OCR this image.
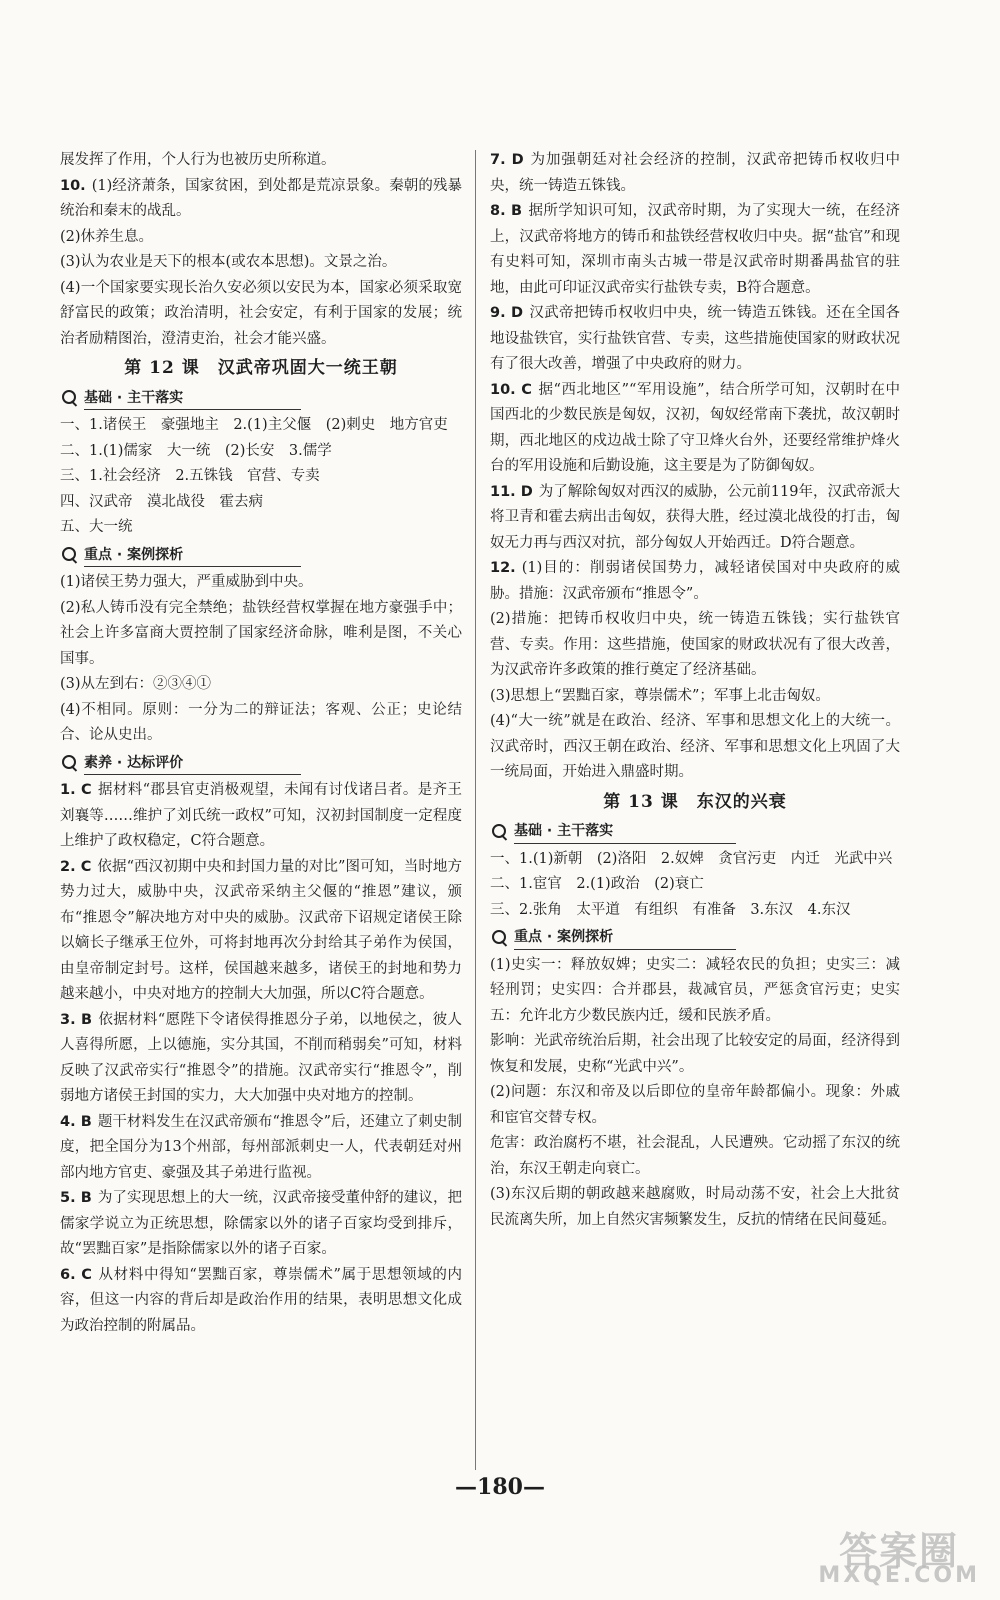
展发挥了作用，个人行为也被历史所称道。

10. (1)经济萧条，国家贫困，到处都是荒凉景象。秦朝的残暴统治和秦末的战乱。

(2)休养生息。

(3)认为农业是天下的根本(或农本思想)。文景之治。

(4)一个国家要实现长治久安必须以安民为本，国家必须采取宽舒富民的政策；政治清明，社会安定，有利于国家的发展；统治者励精图治，澄清吏治，社会才能兴盛。

第 12 课　汉武帝巩固大一统王朝
基础 · 主干落实

一、1.诸侯王　豪强地主　2.(1)主父偃　(2)刺史　地方官吏

二、1.(1)儒家　大一统　(2)长安　3.儒学

三、1.社会经济　2.五铢钱　官营、专卖

四、汉武帝　漠北战役　霍去病

五、大一统

重点 · 案例探析

(1)诸侯王势力强大，严重威胁到中央。

(2)私人铸币没有完全禁绝；盐铁经营权掌握在地方豪强手中；社会上许多富商大贾控制了国家经济命脉，唯利是图，不关心国事。

(3)从左到右：②③④①

(4)不相同。原则：一分为二的辩证法；客观、公正；史论结合、论从史出。

素养 · 达标评价

1. C 据材料“郡县官吏消极观望，未闻有讨伐诸吕者。是齐王刘襄等……维护了刘氏统一政权”可知，汉初封国制度一定程度上维护了政权稳定，C符合题意。

2. C 依据“西汉初期中央和封国力量的对比”图可知，当时地方势力过大，威胁中央，汉武帝采纳主父偃的“推恩”建议，颁布“推恩令”解决地方对中央的威胁。汉武帝下诏规定诸侯王除以嫡长子继承王位外，可将封地再次分封给其子弟作为侯国，由皇帝制定封号。这样，侯国越来越多，诸侯王的封地和势力越来越小，中央对地方的控制大大加强，所以C符合题意。

3. B 依据材料“愿陛下令诸侯得推恩分子弟，以地侯之，彼人人喜得所愿，上以德施，实分其国，不削而稍弱矣”可知，材料反映了汉武帝实行“推恩令”的措施。汉武帝实行“推恩令”，削弱地方诸侯王封国的实力，大大加强中央对地方的控制。

4. B 题干材料发生在汉武帝颁布“推恩令”后，还建立了刺史制度，把全国分为13个州部，每州部派刺史一人，代表朝廷对州部内地方官吏、豪强及其子弟进行监视。

5. B 为了实现思想上的大一统，汉武帝接受董仲舒的建议，把儒家学说立为正统思想，除儒家以外的诸子百家均受到排斥，故“罢黜百家”是指除儒家以外的诸子百家。

6. C 从材料中得知“罢黜百家，尊崇儒术”属于思想领域的内容，但这一内容的背后却是政治作用的结果，表明思想文化成为政治控制的附属品。

7. D 为加强朝廷对社会经济的控制，汉武帝把铸币权收归中央，统一铸造五铢钱。

8. B 据所学知识可知，汉武帝时期，为了实现大一统，在经济上，汉武帝将地方的铸币和盐铁经营权收归中央。据“盐官”和现有史料可知，深圳市南头古城一带是汉武帝时期番禺盐官的驻地，由此可印证汉武帝实行盐铁专卖，B符合题意。

9. D 汉武帝把铸币权收归中央，统一铸造五铢钱。还在全国各地设盐铁官，实行盐铁官营、专卖，这些措施使国家的财政状况有了很大改善，增强了中央政府的财力。

10. C 据“西北地区”“军用设施”，结合所学可知，汉朝时在中国西北的少数民族是匈奴，汉初，匈奴经常南下袭扰，故汉朝时期，西北地区的戍边战士除了守卫烽火台外，还要经常维护烽火台的军用设施和后勤设施，这主要是为了防御匈奴。

11. D 为了解除匈奴对西汉的威胁，公元前119年，汉武帝派大将卫青和霍去病出击匈奴，获得大胜，经过漠北战役的打击，匈奴无力再与西汉对抗，部分匈奴人开始西迁。D符合题意。

12. (1)目的：削弱诸侯国势力，减轻诸侯国对中央政府的威胁。措施：汉武帝颁布“推恩令”。

(2)措施：把铸币权收归中央，统一铸造五铢钱；实行盐铁官营、专卖。作用：这些措施，使国家的财政状况有了很大改善，为汉武帝许多政策的推行奠定了经济基础。

(3)思想上“罢黜百家，尊崇儒术”；军事上北击匈奴。

(4)“大一统”就是在政治、经济、军事和思想文化上的大统一。汉武帝时，西汉王朝在政治、经济、军事和思想文化上巩固了大一统局面，开始进入鼎盛时期。

第 13 课　东汉的兴衰
基础 · 主干落实

一、1.(1)新朝　(2)洛阳　2.奴婢　贪官污吏　内迁　光武中兴

二、1.宦官　2.(1)政治　(2)衰亡

三、2.张角　太平道　有组织　有准备　3.东汉　4.东汉

重点 · 案例探析

(1)史实一：释放奴婢；史实二：减轻农民的负担；史实三：减轻刑罚；史实四：合并郡县，裁减官员，严惩贪官污吏；史实五：允许北方少数民族内迁，缓和民族矛盾。

影响：光武帝统治后期，社会出现了比较安定的局面，经济得到恢复和发展，史称“光武中兴”。

(2)问题：东汉和帝及以后即位的皇帝年龄都偏小。现象：外戚和宦官交替专权。

危害：政治腐朽不堪，社会混乱，人民遭殃。它动摇了东汉的统治，东汉王朝走向衰亡。

(3)东汉后期的朝政越来越腐败，时局动荡不安，社会上大批贫民流离失所，加上自然灾害频繁发生，反抗的情绪在民间蔓延。

—180—
答案圈
MXQE.COM
